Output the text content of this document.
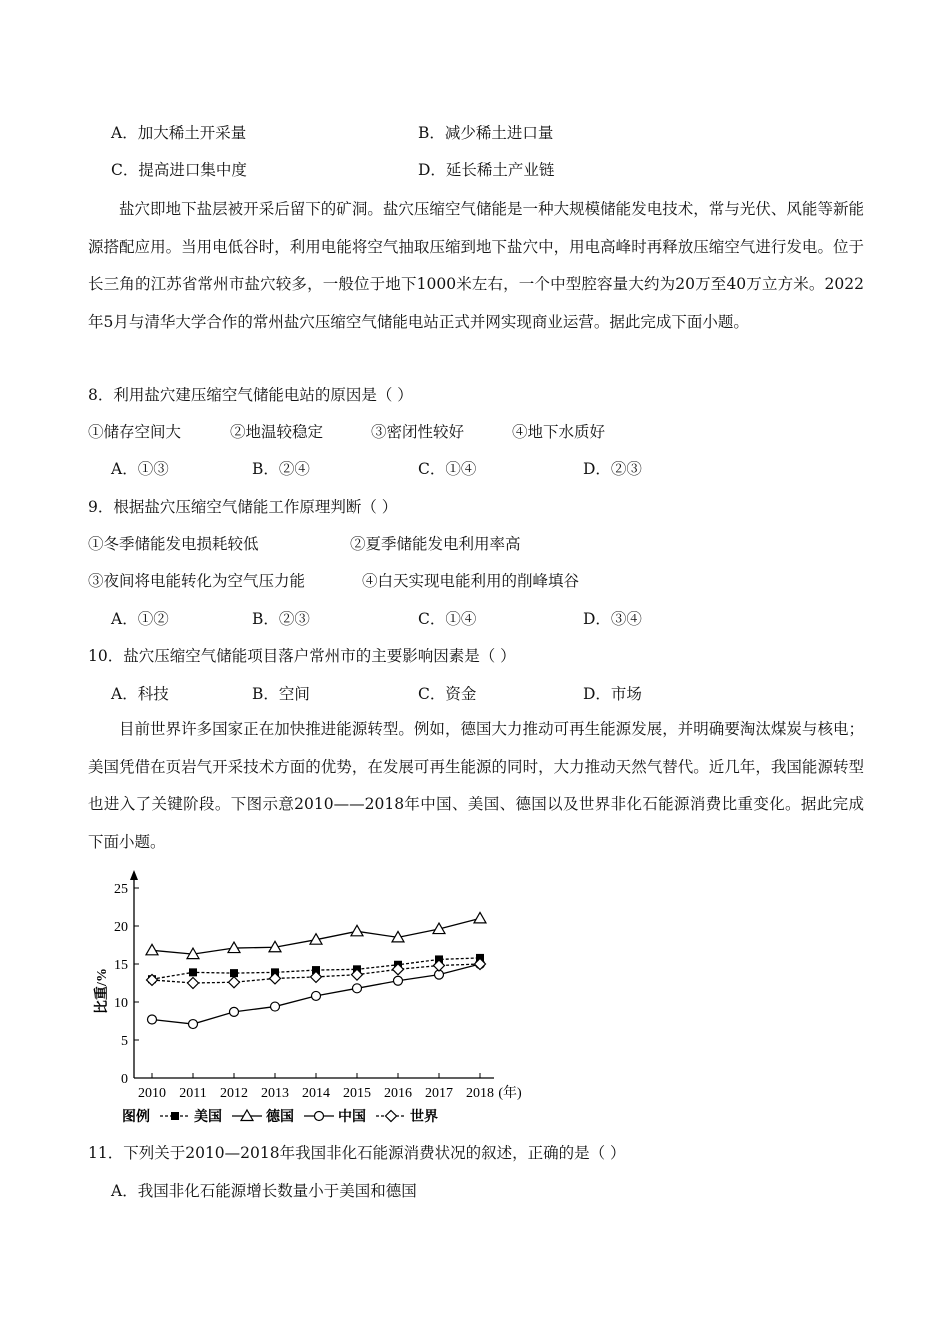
A．加大稀土开采量	B．减少稀土进口量
C．提高进口集中度	D．延长稀土产业链

盐穴即地下盐层被开采后留下的矿洞。盐穴压缩空气储能是一种大规模储能发电技术，常与光伏、风能等新能源搭配应用。当用电低谷时，利用电能将空气抽取压缩到地下盐穴中，用电高峰时再释放压缩空气进行发电。位于长三角的江苏省常州市盐穴较多，一般位于地下1000米左右，一个中型腔容量大约为20万至40万立方米。2022年5月与清华大学合作的常州盐穴压缩空气储能电站正式并网实现商业运营。据此完成下面小题。

8．利用盐穴建压缩空气储能电站的原因是（ ）
①储存空间大	②地温较稳定	③密闭性较好	④地下水质好
A．①③	B．②④	C．①④	D．②③
9．根据盐穴压缩空气储能工作原理判断（ ）
①冬季储能发电损耗较低	②夏季储能发电利用率高
③夜间将电能转化为空气压力能	④白天实现电能利用的削峰填谷
A．①②	B．②③	C．①④	D．③④
10．盐穴压缩空气储能项目落户常州市的主要影响因素是（ ）
A．科技	B．空间	C．资金	D．市场

目前世界许多国家正在加快推进能源转型。例如，德国大力推动可再生能源发展，并明确要淘汰煤炭与核电；美国凭借在页岩气开采技术方面的优势，在发展可再生能源的同时，大力推动天然气替代。近几年，我国能源转型也进入了关键阶段。下图示意2010——2018年中国、美国、德国以及世界非化石能源消费比重变化。据此完成下面小题。

0
5
10
15
20
25
2010 2011 2012 2013 2014 2015 2016 2017 2018 (年)
比重/%
图例	美国	德国	中国	世界
11．下列关于2010—2018年我国非化石能源消费状况的叙述，正确的是（ ）
A．我国非化石能源增长数量小于美国和德国
